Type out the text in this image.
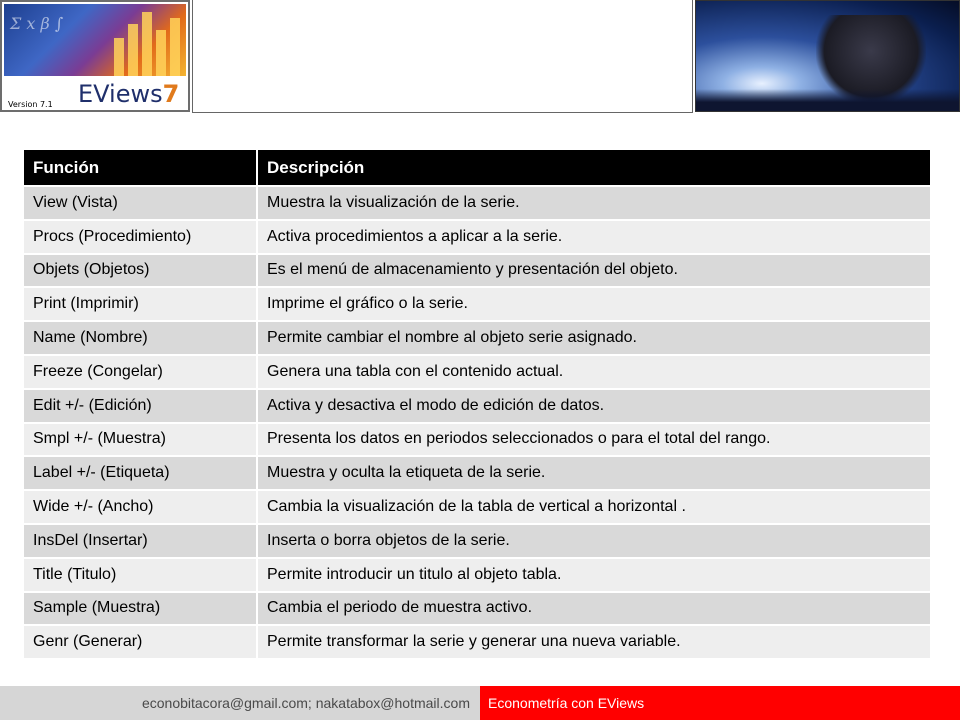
Σ x β ∫
EViews7
Version 7.1
Función	Descripción
View (Vista)	Muestra la visualización de la serie.
Procs (Procedimiento)	Activa procedimientos a aplicar a la serie.
Objets (Objetos)	Es el menú de almacenamiento y presentación del objeto.
Print (Imprimir)	Imprime el gráfico o la serie.
Name (Nombre)	Permite cambiar el nombre al objeto serie asignado.
Freeze (Congelar)	Genera una tabla con el contenido actual.
Edit +/- (Edición)	Activa y desactiva el modo de edición de datos.
Smpl +/- (Muestra)	Presenta los datos en periodos seleccionados o para el total del rango.
Label +/- (Etiqueta)	Muestra y oculta la etiqueta de la serie.
Wide +/- (Ancho)	Cambia la visualización de la tabla de vertical a horizontal .
InsDel (Insertar)	Inserta o borra objetos de la serie.
Title (Titulo)	Permite introducir un titulo al objeto tabla.
Sample (Muestra)	Cambia el periodo de muestra activo.
Genr (Generar)	Permite transformar la serie y generar una nueva variable.
econobitacora@gmail.com; nakatabox@hotmail.com	Econometría con EViews
